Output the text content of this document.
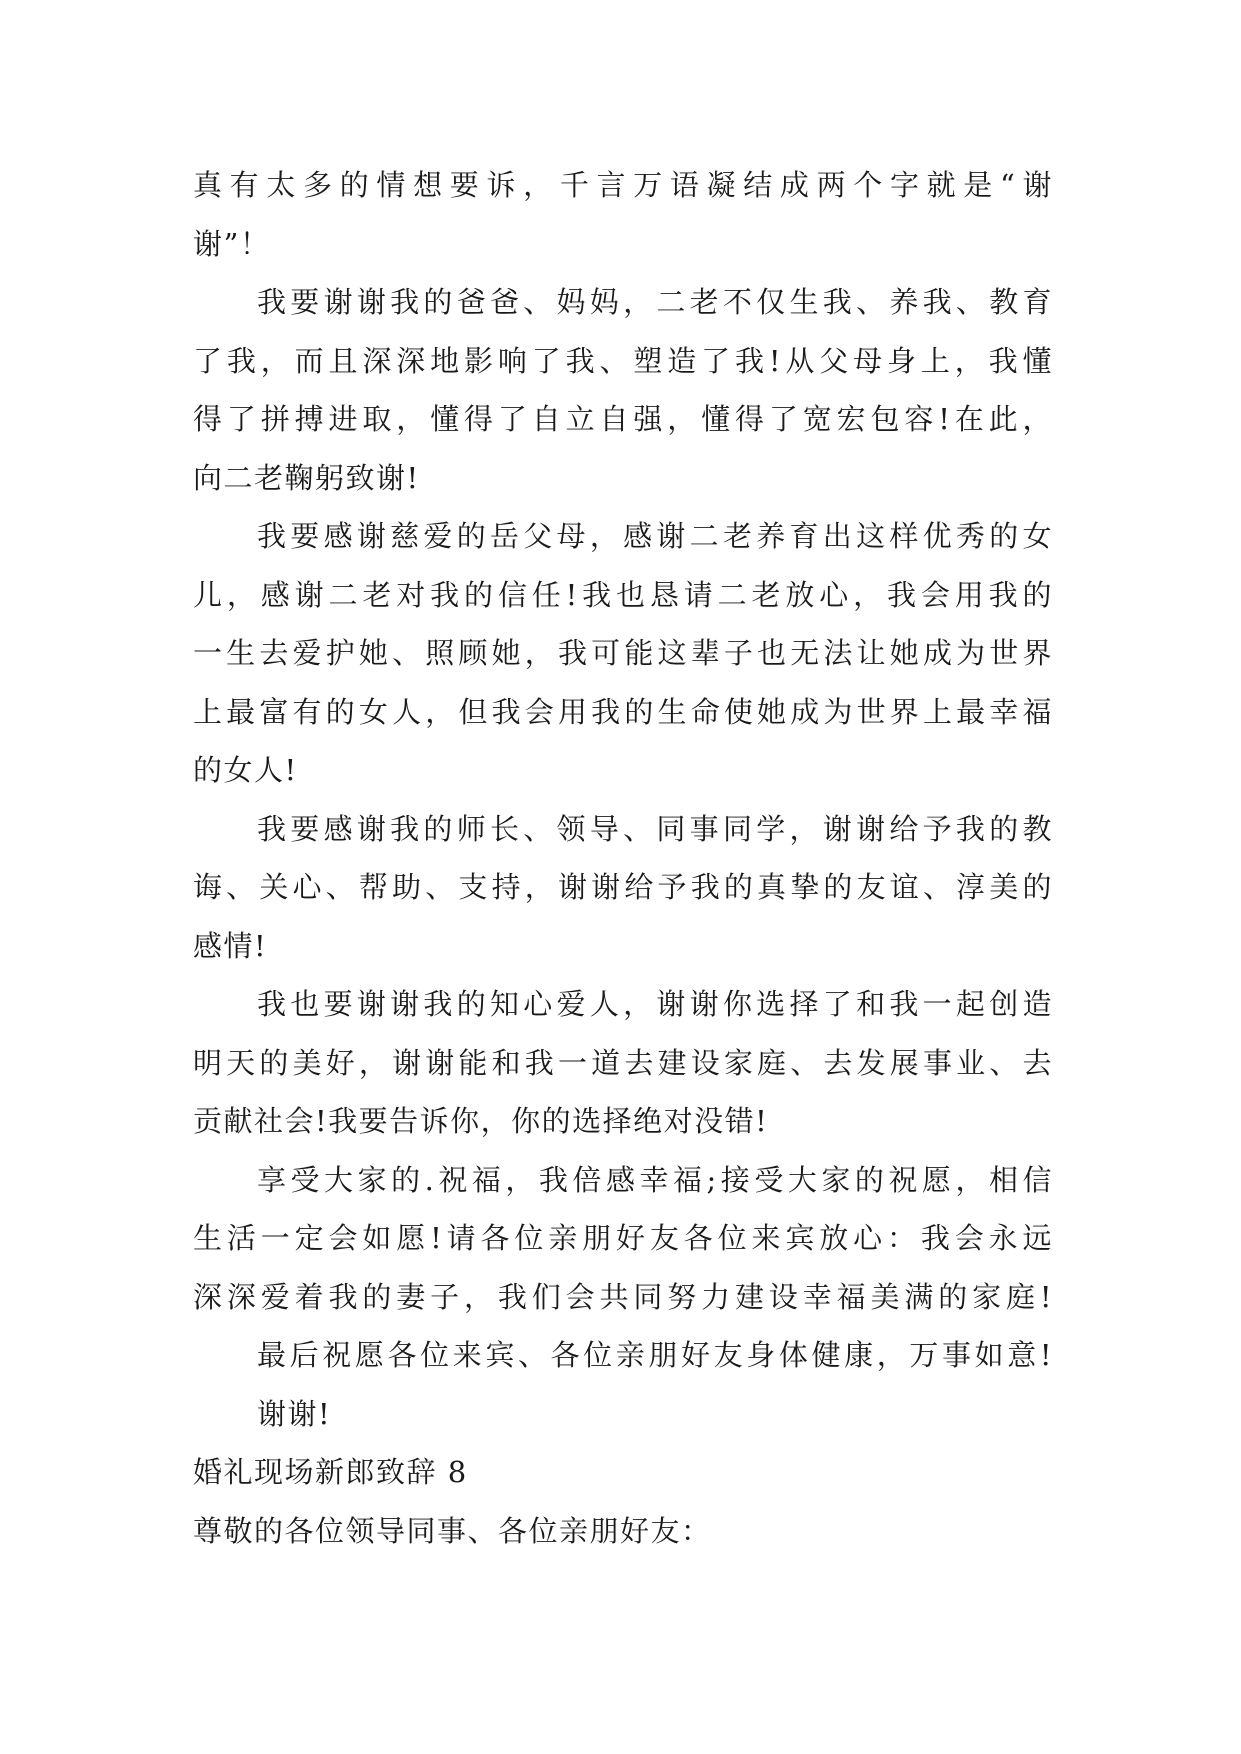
真有太多的情想要诉，千言万语凝结成两个字就是“谢
谢”！
我要谢谢我的爸爸、妈妈，二老不仅生我、养我、教育
了我，而且深深地影响了我、塑造了我!从父母身上，我懂
得了拼搏进取，懂得了自立自强，懂得了宽宏包容!在此，
向二老鞠躬致谢!
我要感谢慈爱的岳父母，感谢二老养育出这样优秀的女
儿，感谢二老对我的信任!我也恳请二老放心，我会用我的
一生去爱护她、照顾她，我可能这辈子也无法让她成为世界
上最富有的女人，但我会用我的生命使她成为世界上最幸福
的女人!
我要感谢我的师长、领导、同事同学，谢谢给予我的教
诲、关心、帮助、支持，谢谢给予我的真挚的友谊、淳美的
感情!
我也要谢谢我的知心爱人，谢谢你选择了和我一起创造
明天的美好，谢谢能和我一道去建设家庭、去发展事业、去
贡献社会!我要告诉你，你的选择绝对没错!
享受大家的.祝福，我倍感幸福;接受大家的祝愿，相信
生活一定会如愿!请各位亲朋好友各位来宾放心：我会永远
深深爱着我的妻子，我们会共同努力建设幸福美满的家庭!
最后祝愿各位来宾、各位亲朋好友身体健康，万事如意!
谢谢!
婚礼现场新郎致辞 8
尊敬的各位领导同事、各位亲朋好友：
